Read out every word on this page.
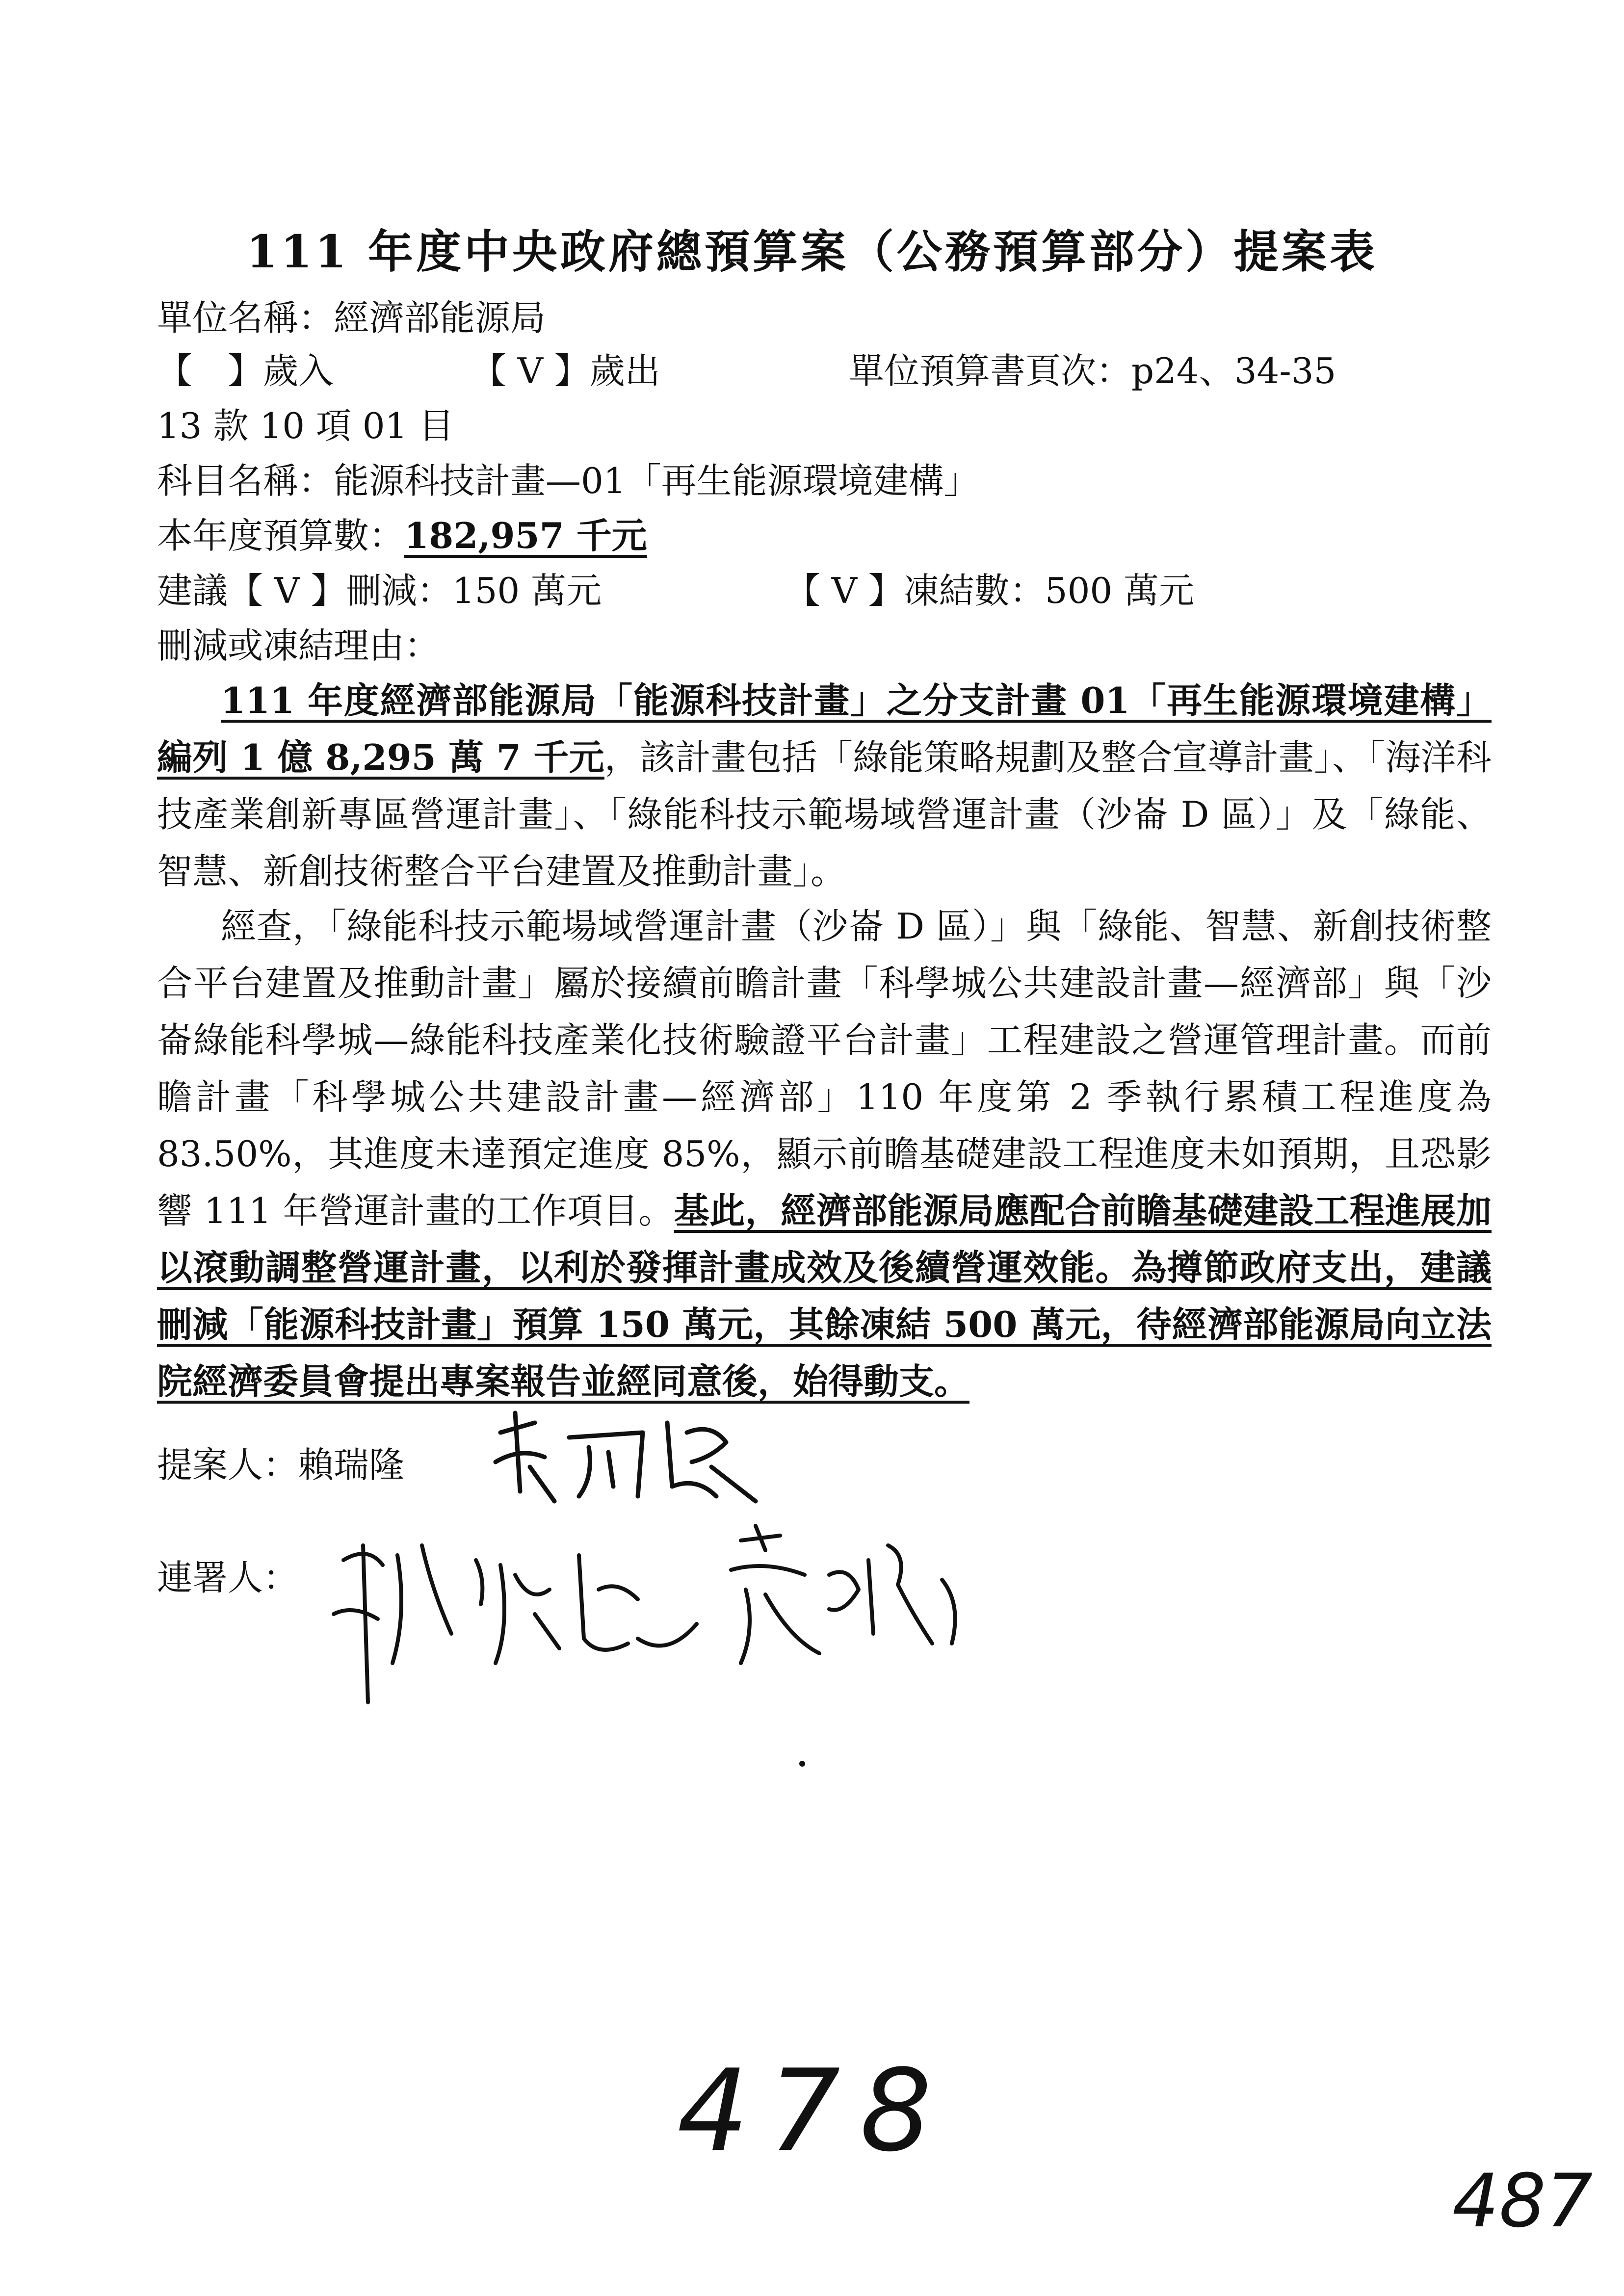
111 年度中央政府總預算案（公務預算部分）提案表
單位名稱：經濟部能源局
【　】歲入	【 V 】歲出	單位預算書頁次：p24、34-35
13 款 10 項 01 目
科目名稱：能源科技計畫—01「再生能源環境建構」
本年度預算數：182,957 千元
建議【 V 】刪減：150 萬元	【 V 】凍結數：500 萬元
刪減或凍結理由：
111 年度經濟部能源局「能源科技計畫」之分支計畫 01「再生能源環境建構」編列 1 億 8,295 萬 7 千元，該計畫包括「綠能策略規劃及整合宣導計畫」、「海洋科技產業創新專區營運計畫」、「綠能科技示範場域營運計畫（沙崙 D 區）」及「綠能、智慧、新創技術整合平台建置及推動計畫」。
經查，「綠能科技示範場域營運計畫（沙崙 D 區）」與「綠能、智慧、新創技術整合平台建置及推動計畫」屬於接續前瞻計畫「科學城公共建設計畫—經濟部」與「沙崙綠能科學城—綠能科技產業化技術驗證平台計畫」工程建設之營運管理計畫。而前瞻計畫「科學城公共建設計畫—經濟部」110 年度第 2 季執行累積工程進度為 83.50%，其進度未達預定進度 85%，顯示前瞻基礎建設工程進度未如預期，且恐影響 111 年營運計畫的工作項目。基此，經濟部能源局應配合前瞻基礎建設工程進展加以滾動調整營運計畫，以利於發揮計畫成效及後續營運效能。為撙節政府支出，建議刪減「能源科技計畫」預算 150 萬元，其餘凍結 500 萬元，待經濟部能源局向立法院經濟委員會提出專案報告並經同意後，始得動支。
提案人：賴瑞隆
連署人：
478
487
